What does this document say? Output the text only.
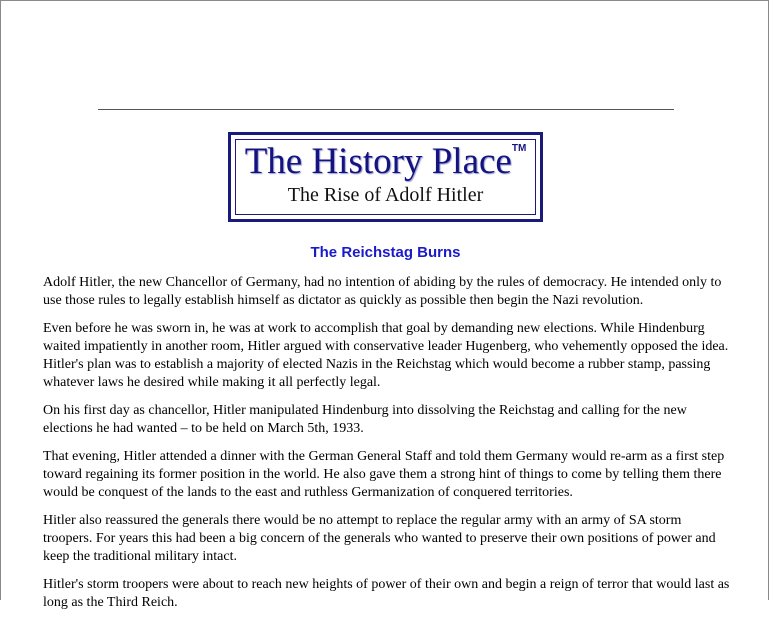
The History Place™
The Rise of Adolf Hitler
The Reichstag Burns

Adolf Hitler, the new Chancellor of Germany, had no intention of abiding by the rules of democracy. He intended only to use those rules to legally establish himself as dictator as quickly as possible then begin the Nazi revolution.

Even before he was sworn in, he was at work to accomplish that goal by demanding new elections. While Hindenburg waited impatiently in another room, Hitler argued with conservative leader Hugenberg, who vehemently opposed the idea. Hitler's plan was to establish a majority of elected Nazis in the Reichstag which would become a rubber stamp, passing whatever laws he desired while making it all perfectly legal.

On his first day as chancellor, Hitler manipulated Hindenburg into dissolving the Reichstag and calling for the new elections he had wanted – to be held on March 5th, 1933.

That evening, Hitler attended a dinner with the German General Staff and told them Germany would re-arm as a first step toward regaining its former position in the world. He also gave them a strong hint of things to come by telling them there would be conquest of the lands to the east and ruthless Germanization of conquered territories.

Hitler also reassured the generals there would be no attempt to replace the regular army with an army of SA storm troopers. For years this had been a big concern of the generals who wanted to preserve their own positions of power and keep the traditional military intact.

Hitler's storm troopers were about to reach new heights of power of their own and begin a reign of terror that would last as long as the Third Reich.
